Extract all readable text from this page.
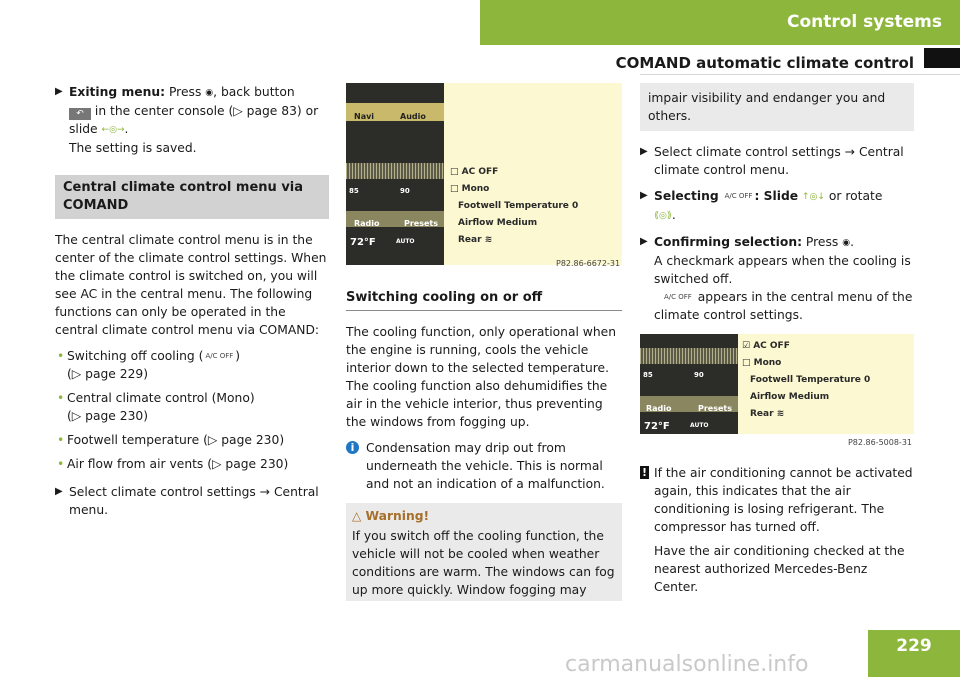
Control systems
COMAND automatic climate control
▶ Exiting menu: Press ◉, back button
↶ in the center console (▷ page 83) or
slide ←◎→.
The setting is saved.
Central climate control menu via COMAND

The central climate control menu is in the center of the climate control settings. When the climate control is switched on, you will see AC in the central menu. The following functions can only be operated in the central climate control menu via COMAND:

• Switching off cooling ( A/C OFF )
(▷ page 229)
• Central climate control (Mono)
(▷ page 230)
• Footwell temperature (▷ page 230)
• Air flow from air vents (▷ page 230)
▶ Select climate control settings → Central menu.
Navi	Audio
85	90
Radio	Presets
72°F	AUTO
□ AC OFF
□ Mono
Footwell Temperature 0
Airflow Medium
Rear ≋
P82.86-6672-31
Switching cooling on or off

The cooling function, only operational when the engine is running, cools the vehicle interior down to the selected temperature. The cooling function also dehumidifies the air in the vehicle interior, thus preventing the windows from fogging up.

i Condensation may drip out from underneath the vehicle. This is normal and not an indication of a malfunction.
△ Warning!
If you switch off the cooling function, the vehicle will not be cooled when weather conditions are warm. The windows can fog up more quickly. Window fogging may
impair visibility and endanger you and others.
▶ Select climate control settings → Central climate control menu.
▶ Selecting A/C OFF : Slide ↑◎↓ or rotate
⟪◎⟫.
▶ Confirming selection: Press ◉.
A checkmark appears when the cooling is switched off.
A/C OFF appears in the central menu of the climate control settings.
85	90
Radio	Presets
72°F	AUTO
☑ AC OFF
□ Mono
Footwell Temperature 0
Airflow Medium
Rear ≋
P82.86-5008-31
! If the air conditioning cannot be activated again, this indicates that the air conditioning is losing refrigerant. The compressor has turned off.
Have the air conditioning checked at the nearest authorized Mercedes-Benz Center.
229
carmanualsonline.info
